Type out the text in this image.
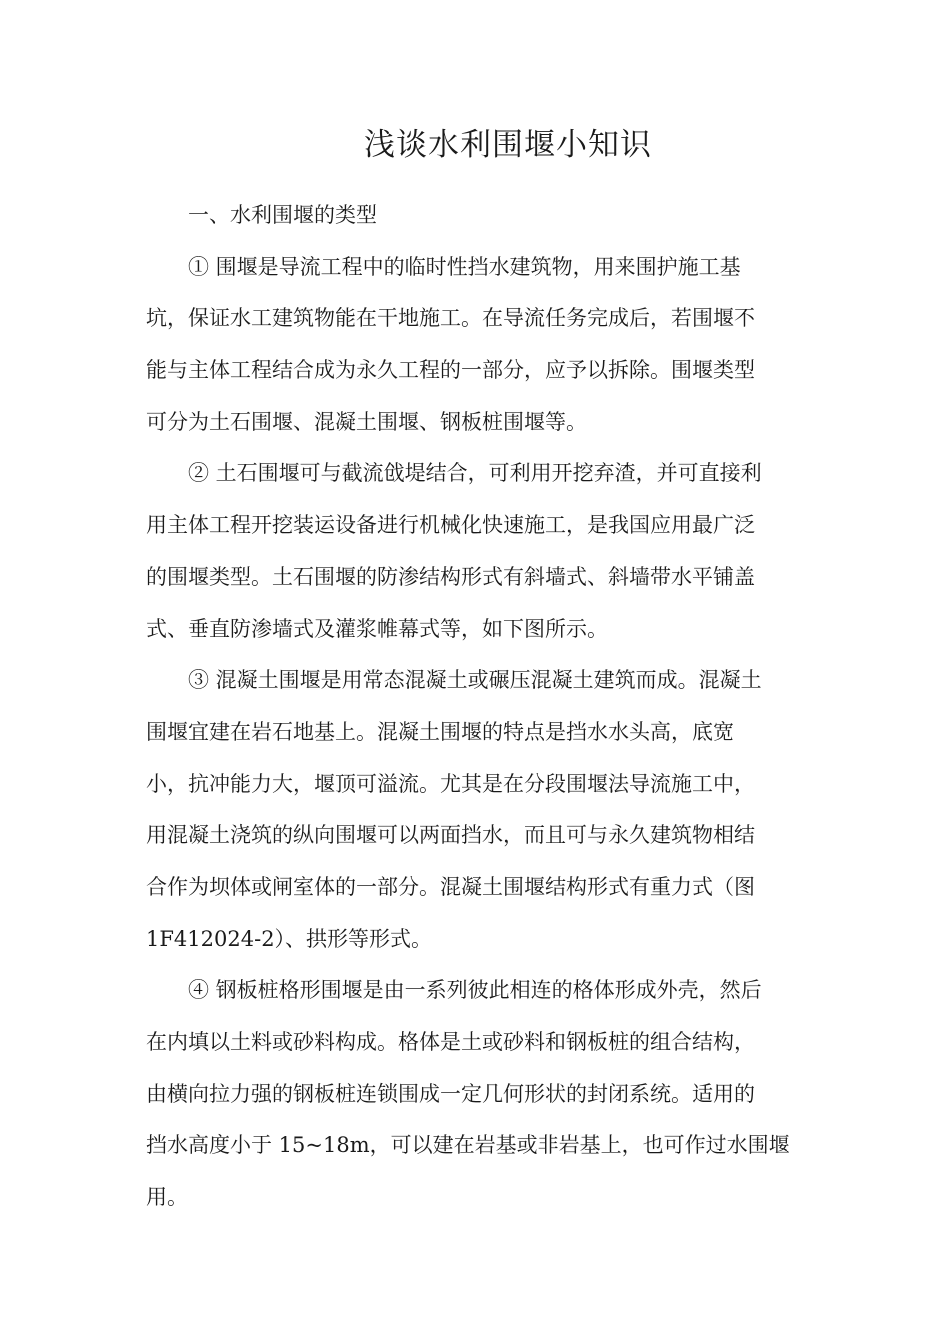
浅谈水利围堰小知识
　　一、水利围堰的类型
　　① 围堰是导流工程中的临时性挡水建筑物，用来围护施工基
坑，保证水工建筑物能在干地施工。在导流任务完成后，若围堰不
能与主体工程结合成为永久工程的一部分，应予以拆除。围堰类型
可分为土石围堰、混凝土围堰、钢板桩围堰等。
　　② 土石围堰可与截流戗堤结合，可利用开挖弃渣，并可直接利
用主体工程开挖装运设备进行机械化快速施工，是我国应用最广泛
的围堰类型。土石围堰的防渗结构形式有斜墙式、斜墙带水平铺盖
式、垂直防渗墙式及灌浆帷幕式等，如下图所示。
　　③ 混凝土围堰是用常态混凝土或碾压混凝土建筑而成。混凝土
围堰宜建在岩石地基上。混凝土围堰的特点是挡水水头高，底宽
小，抗冲能力大，堰顶可溢流。尤其是在分段围堰法导流施工中，
用混凝土浇筑的纵向围堰可以两面挡水，而且可与永久建筑物相结
合作为坝体或闸室体的一部分。混凝土围堰结构形式有重力式（图
1F412024-2）、拱形等形式。
　　④ 钢板桩格形围堰是由一系列彼此相连的格体形成外壳，然后
在内填以土料或砂料构成。格体是土或砂料和钢板桩的组合结构，
由横向拉力强的钢板桩连锁围成一定几何形状的封闭系统。适用的
挡水高度小于 15~18m，可以建在岩基或非岩基上，也可作过水围堰
用。
